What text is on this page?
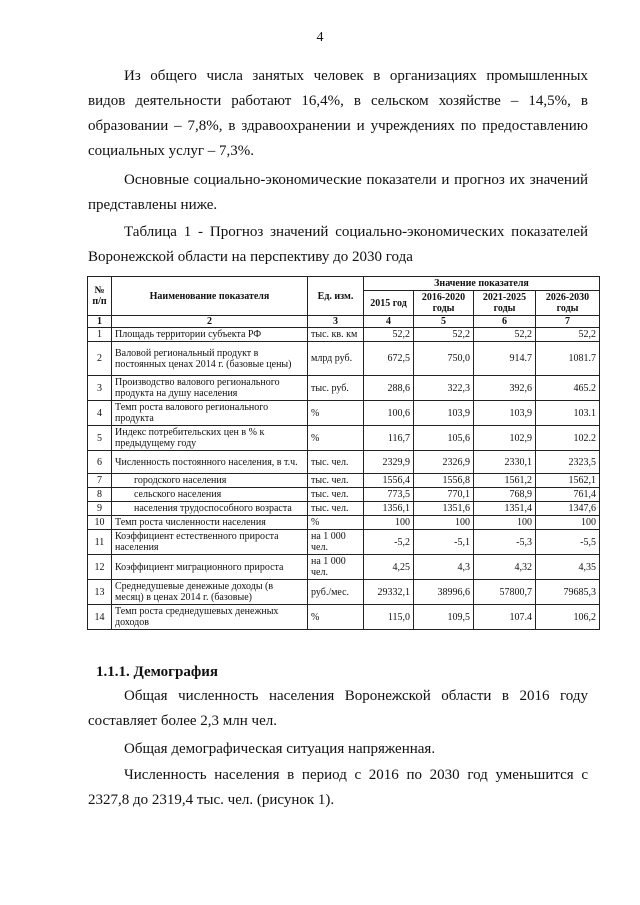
4
Из общего числа занятых человек в организациях промышленных
видов деятельности работают 16,4%, в сельском хозяйстве – 14,5%, в
образовании – 7,8%, в здравоохранении и учреждениях по предоставлению
социальных услуг – 7,3%.
Основные социально-экономические показатели и прогноз их значений
представлены ниже.
Таблица 1 - Прогноз значений социально-экономических показателей
Воронежской области на перспективу до 2030 года
№ п/п	Наименование показателя	Ед. изм.	Значение показателя			
			2015 год	2016-2020 годы	2021-2025 годы	2026-2030 годы
1	2	3	4	5	6	7
1	Площадь территории субъекта РФ	тыс. кв. км	52,2	52,2	52,2	52,2
2	Валовой региональный продукт в постоянных ценах 2014 г. (базовые цены)	млрд руб.	672,5	750,0	914.7	1081.7
3	Производство валового регионального продукта на душу населения	тыс. руб.	288,6	322,3	392,6	465.2
4	Темп роста валового регионального продукта	%	100,6	103,9	103,9	103.1
5	Индекс потребительских цен в % к предыдущему году	%	116,7	105,6	102,9	102.2
6	Численность постоянного населения, в т.ч.	тыс. чел.	2329,9	2326,9	2330,1	2323,5
7	городского населения	тыс. чел.	1556,4	1556,8	1561,2	1562,1
8	сельского населения	тыс. чел.	773,5	770,1	768,9	761,4
9	населения трудоспособного возраста	тыс. чел.	1356,1	1351,6	1351,4	1347,6
10	Темп роста численности населения	%	100	100	100	100
11	Коэффициент естественного прироста населения	на 1 000 чел.	-5,2	-5,1	-5,3	-5,5
12	Коэффициент миграционного прироста	на 1 000 чел.	4,25	4,3	4,32	4,35
13	Среднедушевые денежные доходы (в месяц) в ценах 2014 г. (базовые)	руб./мес.	29332,1	38996,6	57800,7	79685,3
14	Темп роста среднедушевых денежных доходов	%	115,0	109,5	107.4	106,2
1.1.1. Демография
Общая численность населения Воронежской области в 2016 году
составляет более 2,3 млн чел.
Общая демографическая ситуация напряженная.
Численность населения в период с 2016 по 2030 год уменьшится с
2327,8 до 2319,4 тыс. чел. (рисунок 1).
